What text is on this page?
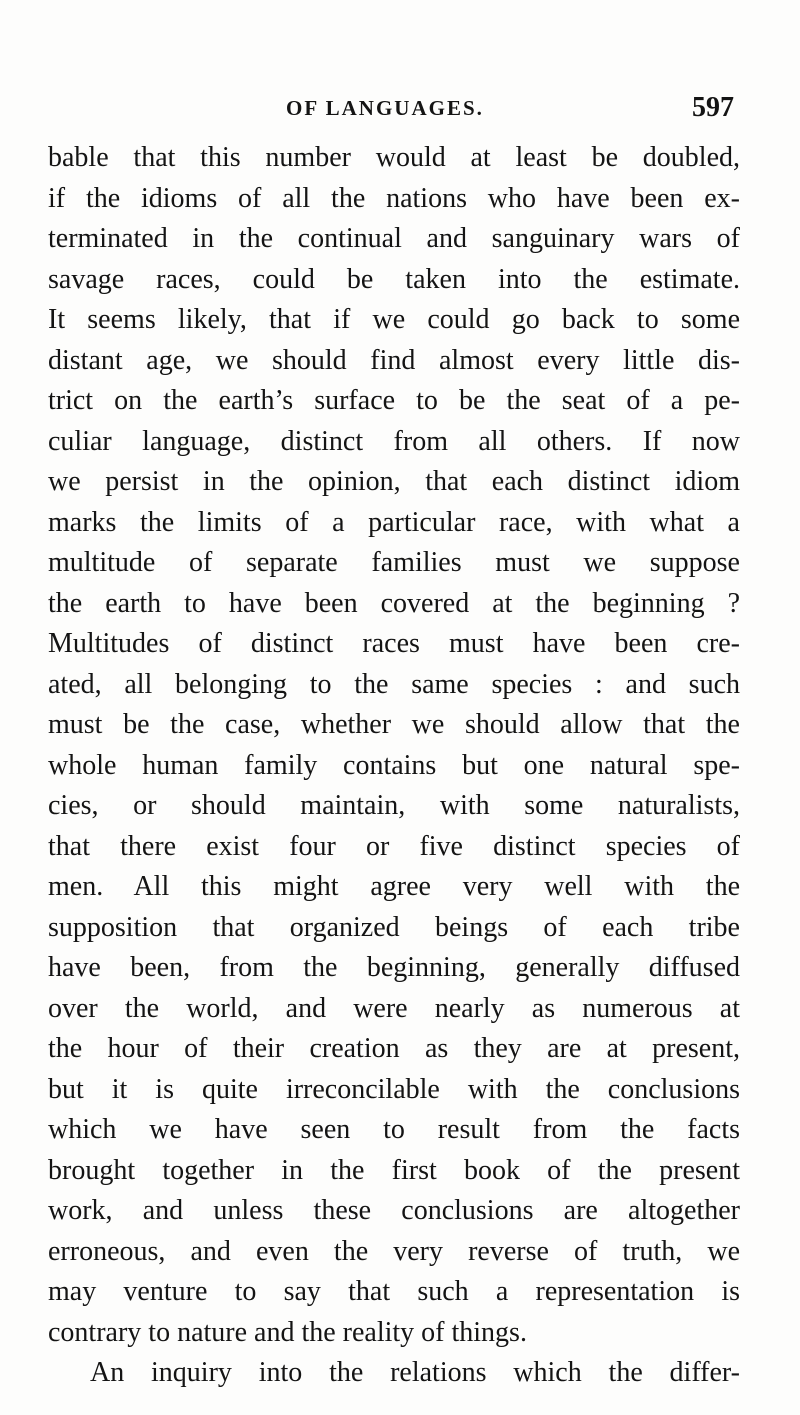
OF LANGUAGES.	597
bable that this number would at least be doubled,
if the idioms of all the nations who have been ex-
terminated in the continual and sanguinary wars of
savage races, could be taken into the estimate.
It seems likely, that if we could go back to some
distant age, we should find almost every little dis-
trict on the earth’s surface to be the seat of a pe-
culiar language, distinct from all others. If now
we persist in the opinion, that each distinct idiom
marks the limits of a particular race, with what a
multitude of separate families must we suppose
the earth to have been covered at the beginning ?
Multitudes of distinct races must have been cre-
ated, all belonging to the same species : and such
must be the case, whether we should allow that the
whole human family contains but one natural spe-
cies, or should maintain, with some naturalists,
that there exist four or five distinct species of
men. All this might agree very well with the
supposition that organized beings of each tribe
have been, from the beginning, generally diffused
over the world, and were nearly as numerous at
the hour of their creation as they are at present,
but it is quite irreconcilable with the conclusions
which we have seen to result from the facts
brought together in the first book of the present
work, and unless these conclusions are altogether
erroneous, and even the very reverse of truth, we
may venture to say that such a representation is
contrary to nature and the reality of things.
An inquiry into the relations which the differ-
